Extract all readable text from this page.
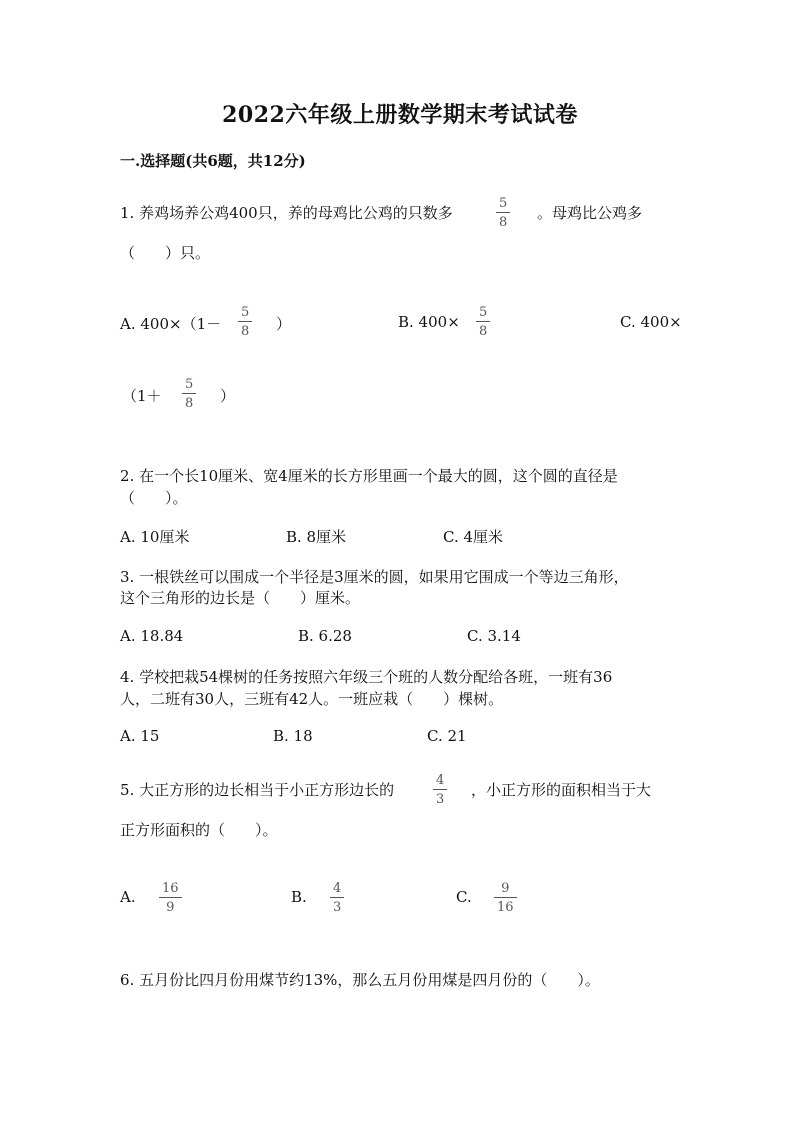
2022六年级上册数学期末考试试卷
一.选择题(共6题，共12分)
1. 养鸡场养公鸡400只，养的母鸡比公鸡的只数多
5
8
。母鸡比公鸡多
（　　）只。
A. 400×（1－
5
8 ）	B. 400×
5
8
C. 400×
（1＋
5
8 ）
2. 在一个长10厘米、宽4厘米的长方形里画一个最大的圆，这个圆的直径是
（　　）。
A. 10厘米	B. 8厘米	C. 4厘米
3. 一根铁丝可以围成一个半径是3厘米的圆，如果用它围成一个等边三角形，
这个三角形的边长是（　　）厘米。
A. 18.84	B. 6.28	C. 3.14
4. 学校把栽54棵树的任务按照六年级三个班的人数分配给各班，一班有36
人，二班有30人，三班有42人。一班应栽（　　）棵树。
A. 15	B. 18	C. 21
5. 大正方形的边长相当于小正方形边长的
4
3
，小正方形的面积相当于大
正方形面积的（　　）。
A. 16
9
B. 4
3
C. 9
16
6. 五月份比四月份用煤节约13%，那么五月份用煤是四月份的（　　）。
